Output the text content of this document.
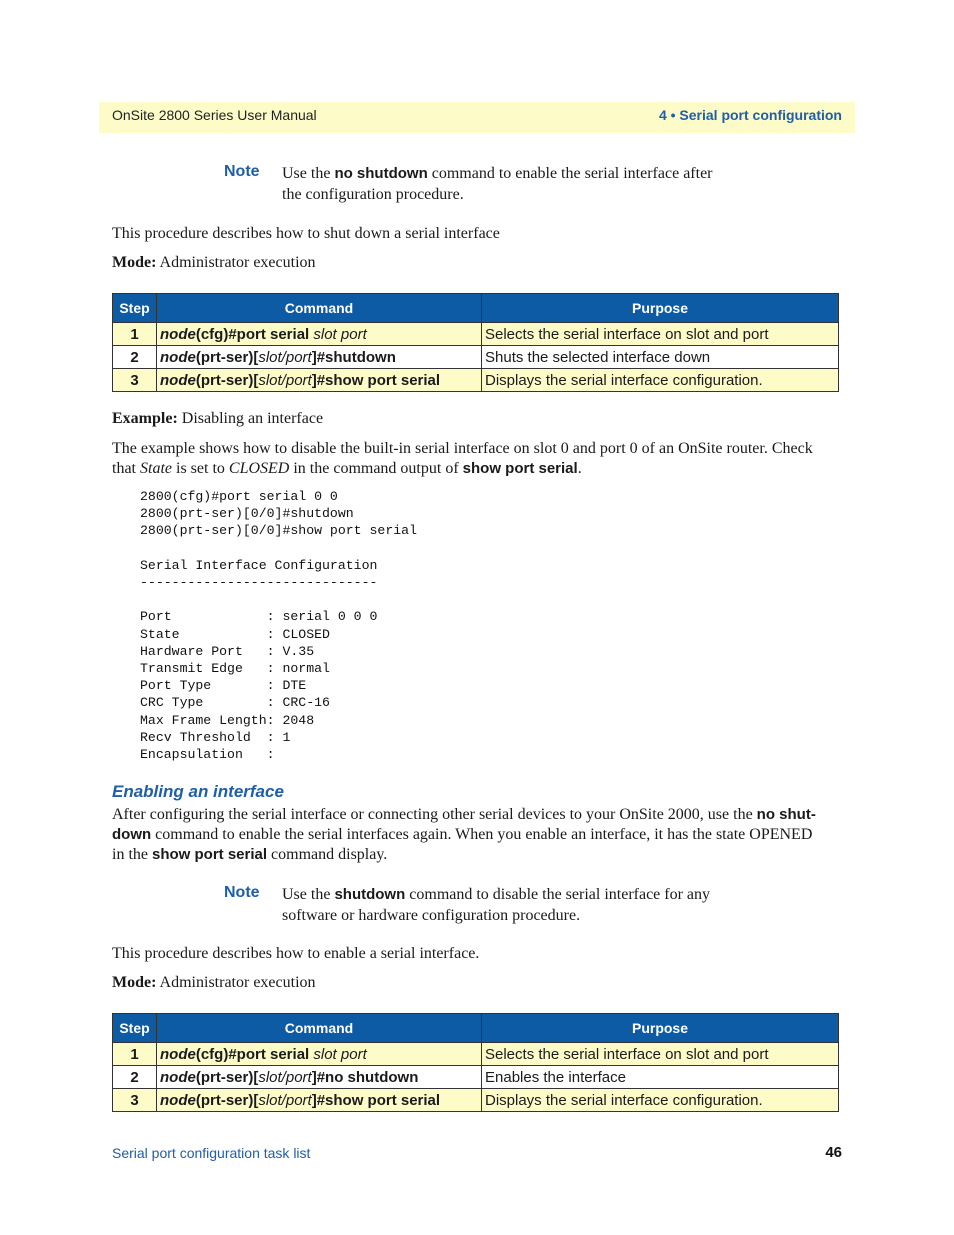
OnSite 2800 Series User Manual	4 • Serial port configuration
Note Use the no shutdown command to enable the serial interface after
the configuration procedure.
This procedure describes how to shut down a serial interface
Mode: Administrator execution
Step	Command	Purpose
1	node(cfg)#port serial slot port	Selects the serial interface on slot and port
2	node(prt-ser)[slot/port]#shutdown	Shuts the selected interface down
3	node(prt-ser)[slot/port]#show port serial	Displays the serial interface configuration.
Example: Disabling an interface
The example shows how to disable the built-in serial interface on slot 0 and port 0 of an OnSite router. Check
that State is set to CLOSED in the command output of show port serial.
2800(cfg)#port serial 0 0
2800(prt-ser)[0/0]#shutdown
2800(prt-ser)[0/0]#show port serial

Serial Interface Configuration
------------------------------

Port            : serial 0 0 0
State           : CLOSED
Hardware Port   : V.35
Transmit Edge   : normal
Port Type       : DTE
CRC Type        : CRC-16
Max Frame Length: 2048
Recv Threshold  : 1
Encapsulation   :
Enabling an interface
After configuring the serial interface or connecting other serial devices to your OnSite 2000, use the no shut-
down command to enable the serial interfaces again. When you enable an interface, it has the state OPENED
in the show port serial command display.
Note Use the shutdown command to disable the serial interface for any
software or hardware configuration procedure.
This procedure describes how to enable a serial interface.
Mode: Administrator execution
Step	Command	Purpose
1	node(cfg)#port serial slot port	Selects the serial interface on slot and port
2	node(prt-ser)[slot/port]#no shutdown	Enables the interface
3	node(prt-ser)[slot/port]#show port serial	Displays the serial interface configuration.
Serial port configuration task list	46
